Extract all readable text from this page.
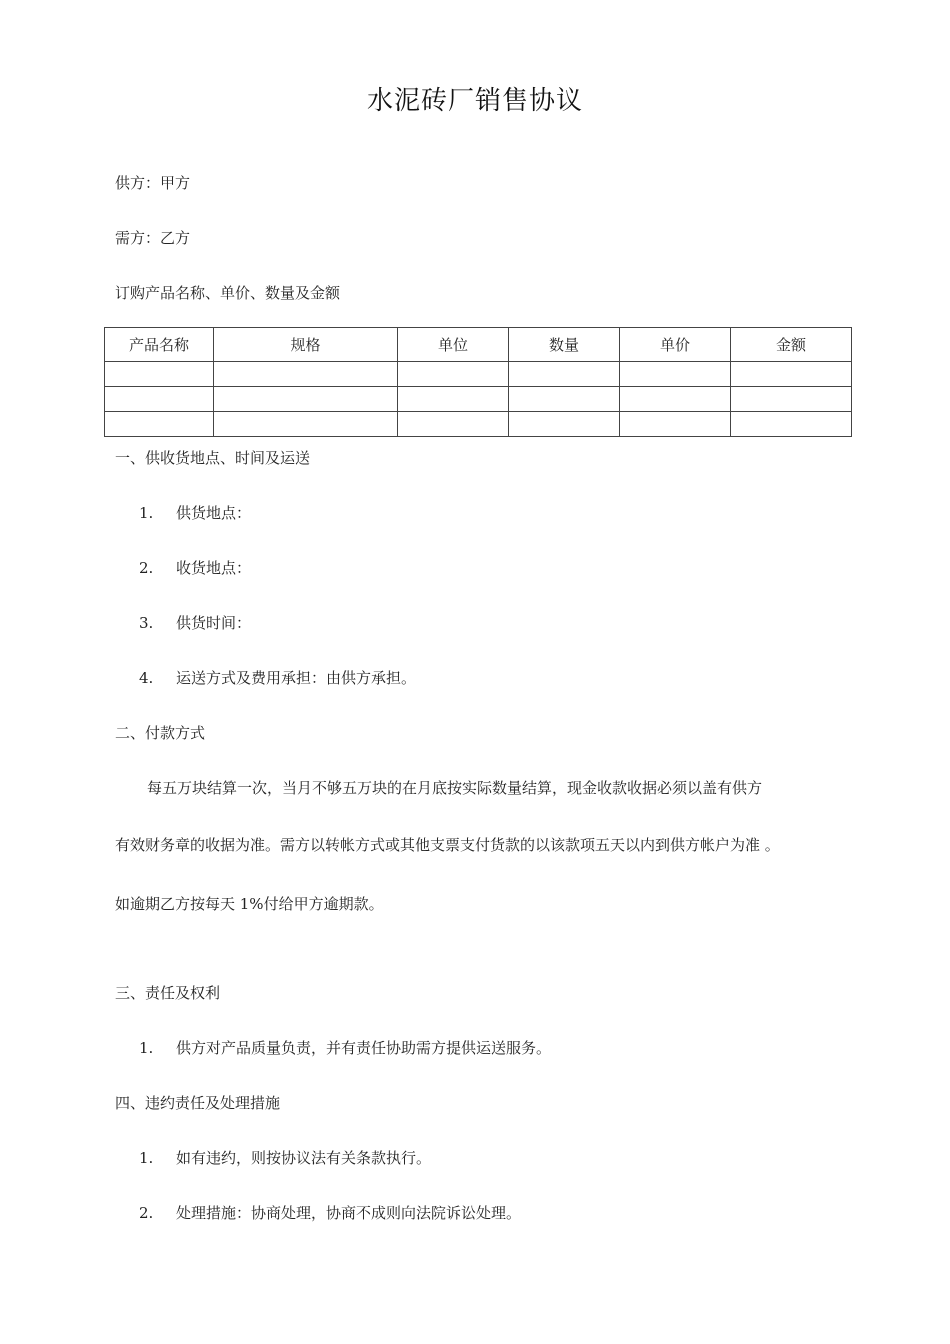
水泥砖厂销售协议
供方：甲方
需方：乙方
订购产品名称、单价、数量及金额
产品名称	规格	单位	数量	单价	金额

一、供收货地点、时间及运送
1. 供货地点：
2. 收货地点：
3. 供货时间：
4. 运送方式及费用承担：由供方承担。
二、付款方式
每五万块结算一次，当月不够五万块的在月底按实际数量结算，现金收款收据必须以盖有供方
有效财务章的收据为准。需方以转帐方式或其他支票支付货款的以该款项五天以内到供方帐户为准 。
如逾期乙方按每天 1%付给甲方逾期款。
三、责任及权利
1. 供方对产品质量负责，并有责任协助需方提供运送服务。
四、违约责任及处理措施
1. 如有违约，则按协议法有关条款执行。
2. 处理措施：协商处理，协商不成则向法院诉讼处理。
